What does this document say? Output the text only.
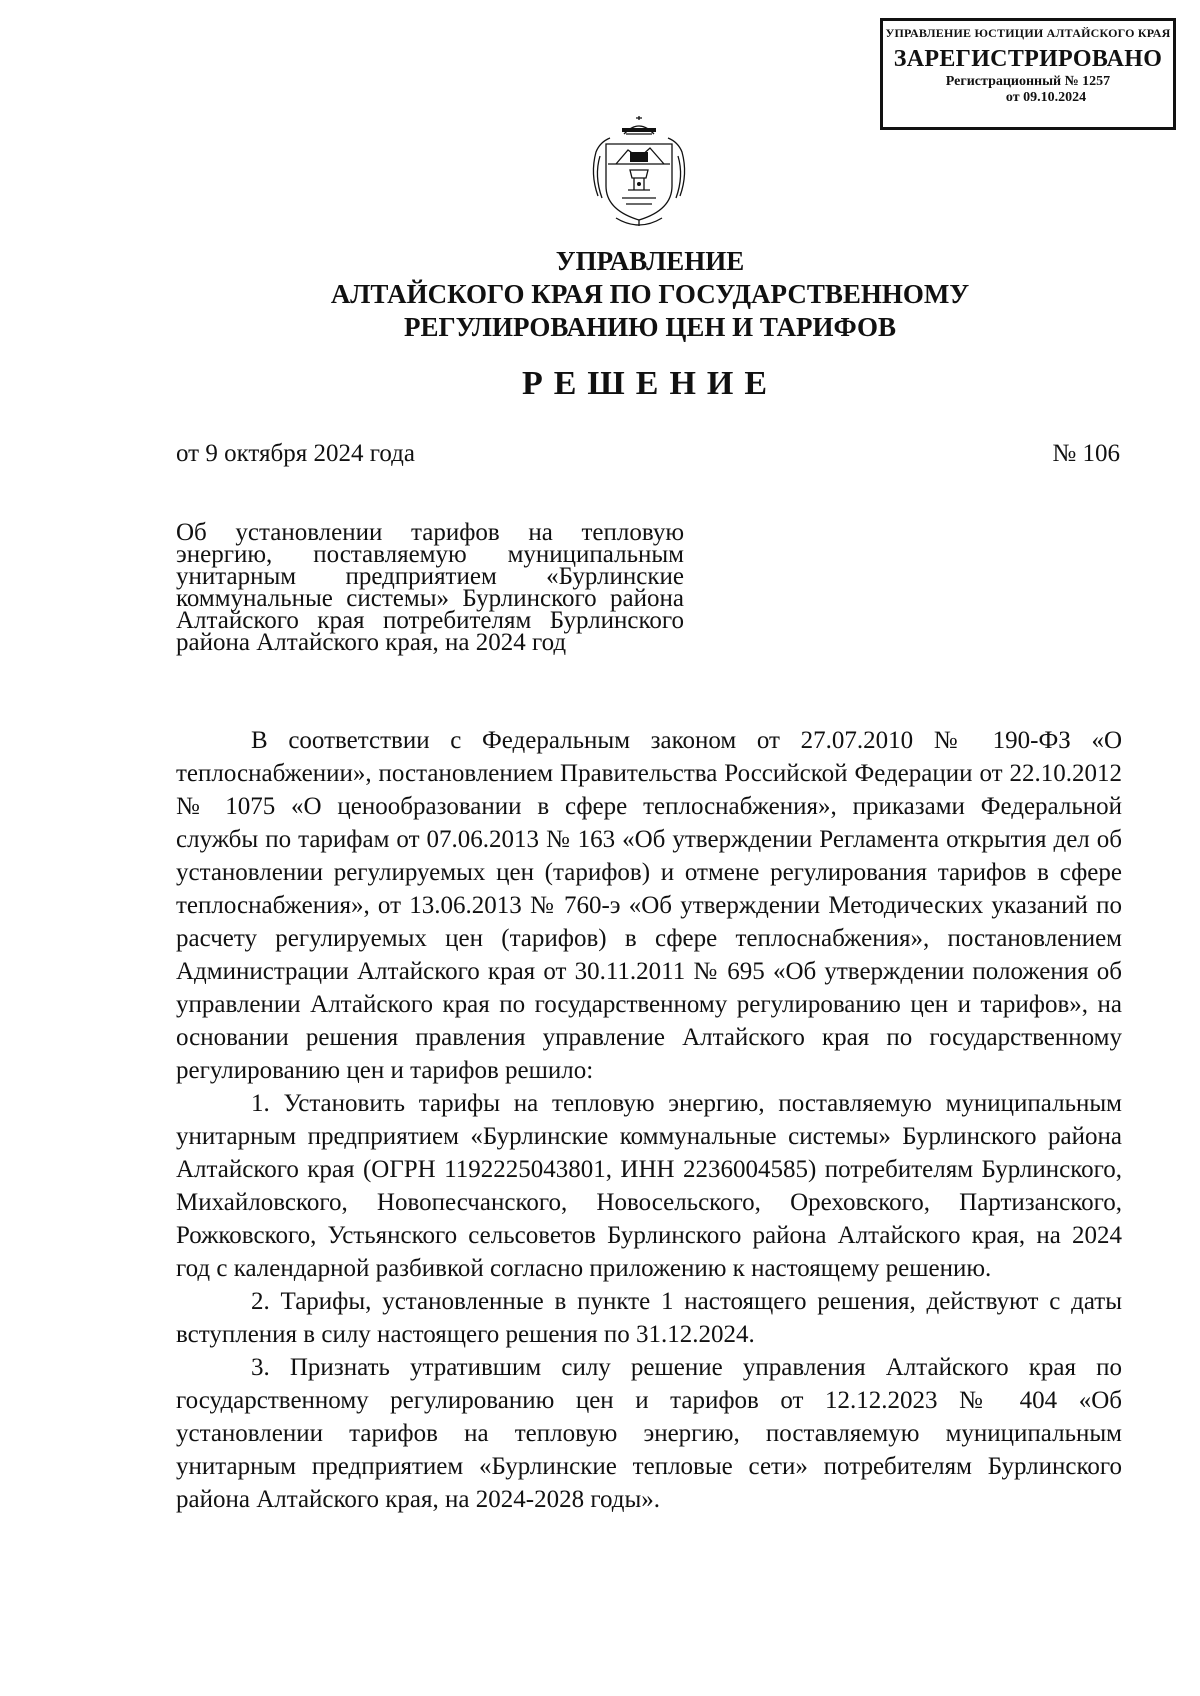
УПРАВЛЕНИЕ ЮСТИЦИИ АЛТАЙСКОГО КРАЯ
ЗАРЕГИСТРИРОВАНО
Регистрационный № 1257
от 09.10.2024
УПРАВЛЕНИЕ
АЛТАЙСКОГО КРАЯ ПО ГОСУДАРСТВЕННОМУ
РЕГУЛИРОВАНИЮ ЦЕН И ТАРИФОВ
РЕШЕНИЕ
от 9 октября 2024 года	№ 106
Об установлении тарифов на тепловую энергию, поставляемую муниципальным унитарным предприятием «Бурлинские коммунальные системы» Бурлинского района Алтайского края потребителям Бурлинского района Алтайского края, на 2024 год

В соответствии с Федеральным законом от 27.07.2010 № 190-ФЗ «О теплоснабжении», постановлением Правительства Российской Федерации от 22.10.2012 № 1075 «О ценообразовании в сфере теплоснабжения», приказами Федеральной службы по тарифам от 07.06.2013 № 163 «Об утверждении Регламента открытия дел об установлении регулируемых цен (тарифов) и отмене регулирования тарифов в сфере теплоснабжения», от 13.06.2013 № 760-э «Об утверждении Методических указаний по расчету регулируемых цен (тарифов) в сфере теплоснабжения», постановлением Администрации Алтайского края от 30.11.2011 № 695 «Об утверждении положения об управлении Алтайского края по государственному регулированию цен и тарифов», на основании решения правления управление Алтайского края по государственному регулированию цен и тарифов решило:

1. Установить тарифы на тепловую энергию, поставляемую муниципальным унитарным предприятием «Бурлинские коммунальные системы» Бурлинского района Алтайского края (ОГРН 1192225043801, ИНН 2236004585) потребителям Бурлинского, Михайловского, Новопесчанского, Новосельского, Ореховского, Партизанского, Рожковского, Устьянского сельсоветов Бурлинского района Алтайского края, на 2024 год с календарной разбивкой согласно приложению к настоящему решению.

2. Тарифы, установленные в пункте 1 настоящего решения, действуют с даты вступления в силу настоящего решения по 31.12.2024.

3. Признать утратившим силу решение управления Алтайского края по государственному регулированию цен и тарифов от 12.12.2023 № 404 «Об установлении тарифов на тепловую энергию, поставляемую муниципальным унитарным предприятием «Бурлинские тепловые сети» потребителям Бурлинского района Алтайского края, на 2024-2028 годы».
